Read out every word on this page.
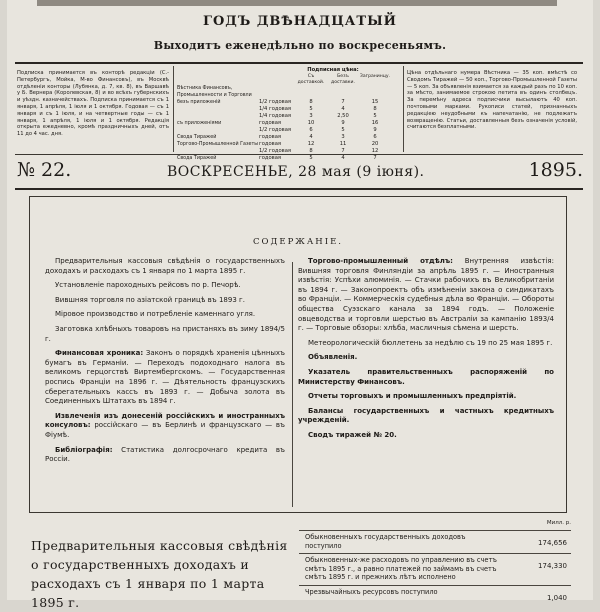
ГОДЪ ДВѢНАДЦАТЫЙ
Выходитъ еженедѣльно по воскресеньямъ.
Подписка принимается въ конторѣ редакціи (С.-Петербургъ, Мойка, М-во Финансовъ), въ Москвѣ отдѣленіи конторы (Лубянка, д. 7, кв. 8), въ Варшавѣ у Б. Вернера (Королевская, 8) и во всѣхъ губернскихъ и уѣздн. казначействахъ. Подписка принимается съ 1 января, 1 апрѣля, 1 іюля и 1 октября. Годовая — съ 1 января и съ 1 іюля, и на четвертные годы — съ 1 января, 1 апрѣля, 1 іюля и 1 октября. Редакція открыта ежедневно, кромѣ праздничныхъ дней, отъ 11 до 4 час. дня.
Подписная цѣна:
Съ доставкой.
Безъ доставки.
Загранинцу.
Вѣстника Финансовъ, Промышленности и Торговли
безъ приложеній	1/2 годовая	8	7	15
1/4 годовая	5	4	8
1/4 годовая	3	2,50	5
съ приложеніями	годовая	10	9	16
1/2 годовая	6	5	9
Свода Тиражей	годовая	4	3	6
Торгово-Промышленной Газеты годовая	12	11	20
1/2 годовая	8	7	12
Свода Тиражей	годовая	5	4	7
Цѣна отдѣльнаго нумера Вѣстника — 35 коп. вмѣстѣ со Сводомъ Тиражей — 50 коп., Торгово-Промышленной Газеты — 5 коп. За объявленія взимается за каждый разъ по 10 коп. за мѣсто, занимаемое строкою петита въ одинъ столбецъ. За перемѣну адреса подписчики высылаютъ 40 коп. почтовыми марками. Рукописи статей, признанныхъ редакціею неудобными къ напечатанію, не подлежатъ возвращенію. Статьи, доставленныя безъ означенія условій, считаются безплатными.
№ 22.	ВОСКРЕСЕНЬЕ, 28 мая (9 іюня).	1895.
СОДЕРЖАНІЕ.

Предварительныя кассовыя свѣдѣнія о государственныхъ доходахъ и расходахъ съ 1 января по 1 марта 1895 г.

Установленіе пароходныхъ рейсовъ по р. Печорѣ.

Вившняя торговля по азіатской границѣ въ 1893 г.

Міровое производство и потребленіе каменнаго угля.

Заготовка хлѣбныхъ товаровъ на пристаняхъ въ зиму 1894/5 г.

Финансовая хроника: Законъ о порядкѣ храненія цѣнныхъ бумагъ въ Германіи. — Переходъ подоходнаго налога въ великомъ герцогствѣ Виртембергскомъ. — Государственная роспись Франціи на 1896 г. — Дѣятельность французскихъ сберегательныхъ кассъ въ 1893 г. — Добыча золота въ Соединенныхъ Штатахъ въ 1894 г.

Извлеченія изъ донесеній россійскихъ и иностранныхъ консуловъ: россійскаго — въ Берлинѣ и французскаго — въ Фіумѣ.

Библіографія: Статистика долгосрочнаго кредита въ Россіи.

Торгово-промышленный отдѣлъ: Внутренняя извѣстія: Вившняя торговля Финляндіи за апрѣль 1895 г. — Иностранныя извѣстія: Успѣхи алюминія. — Стачки рабочихъ въ Великобританіи въ 1894 г. — Законопроектъ объ измѣненіи закона о синдикатахъ во Франціи. — Коммерческія судебныя дѣла во Франціи. — Обороты общества Суэзскаго канала за 1894 годъ. — Положеніе овцеводства и торговли шерстью въ Австраліи за кампанію 1893/4 г. — Торговые обзоры: хлѣба, масличныя сѣмена и шерсть.

Метеорологическій бюллетень за недѣлю съ 19 по 25 мая 1895 г.

Объявленія.

Указатель правительственныхъ распоряженій по Министерству Финансовъ.

Отчеты торговыхъ и промышленныхъ предпріятій.

Балансы государственныхъ и частныхъ кредитныхъ учрежденій.

Сводъ тиражей № 20.

Предварительныя кассовыя свѣдѣнія о государственныхъ доходахъ и расходахъ съ 1 января по 1 марта 1895 г.
Милл. р.
Обыкновенныхъ государственныхъ доходовъ поступило	174,656
Обыкновенных-же расходовъ по управлению въ счетъ смѣтъ 1895 г., а равно платежей по займамъ въ счетъ смѣтъ 1895 г. и прежнихъ лѣтъ исполнено
174,330
Чрезвычайныхъ ресурсовъ поступило
1,040
